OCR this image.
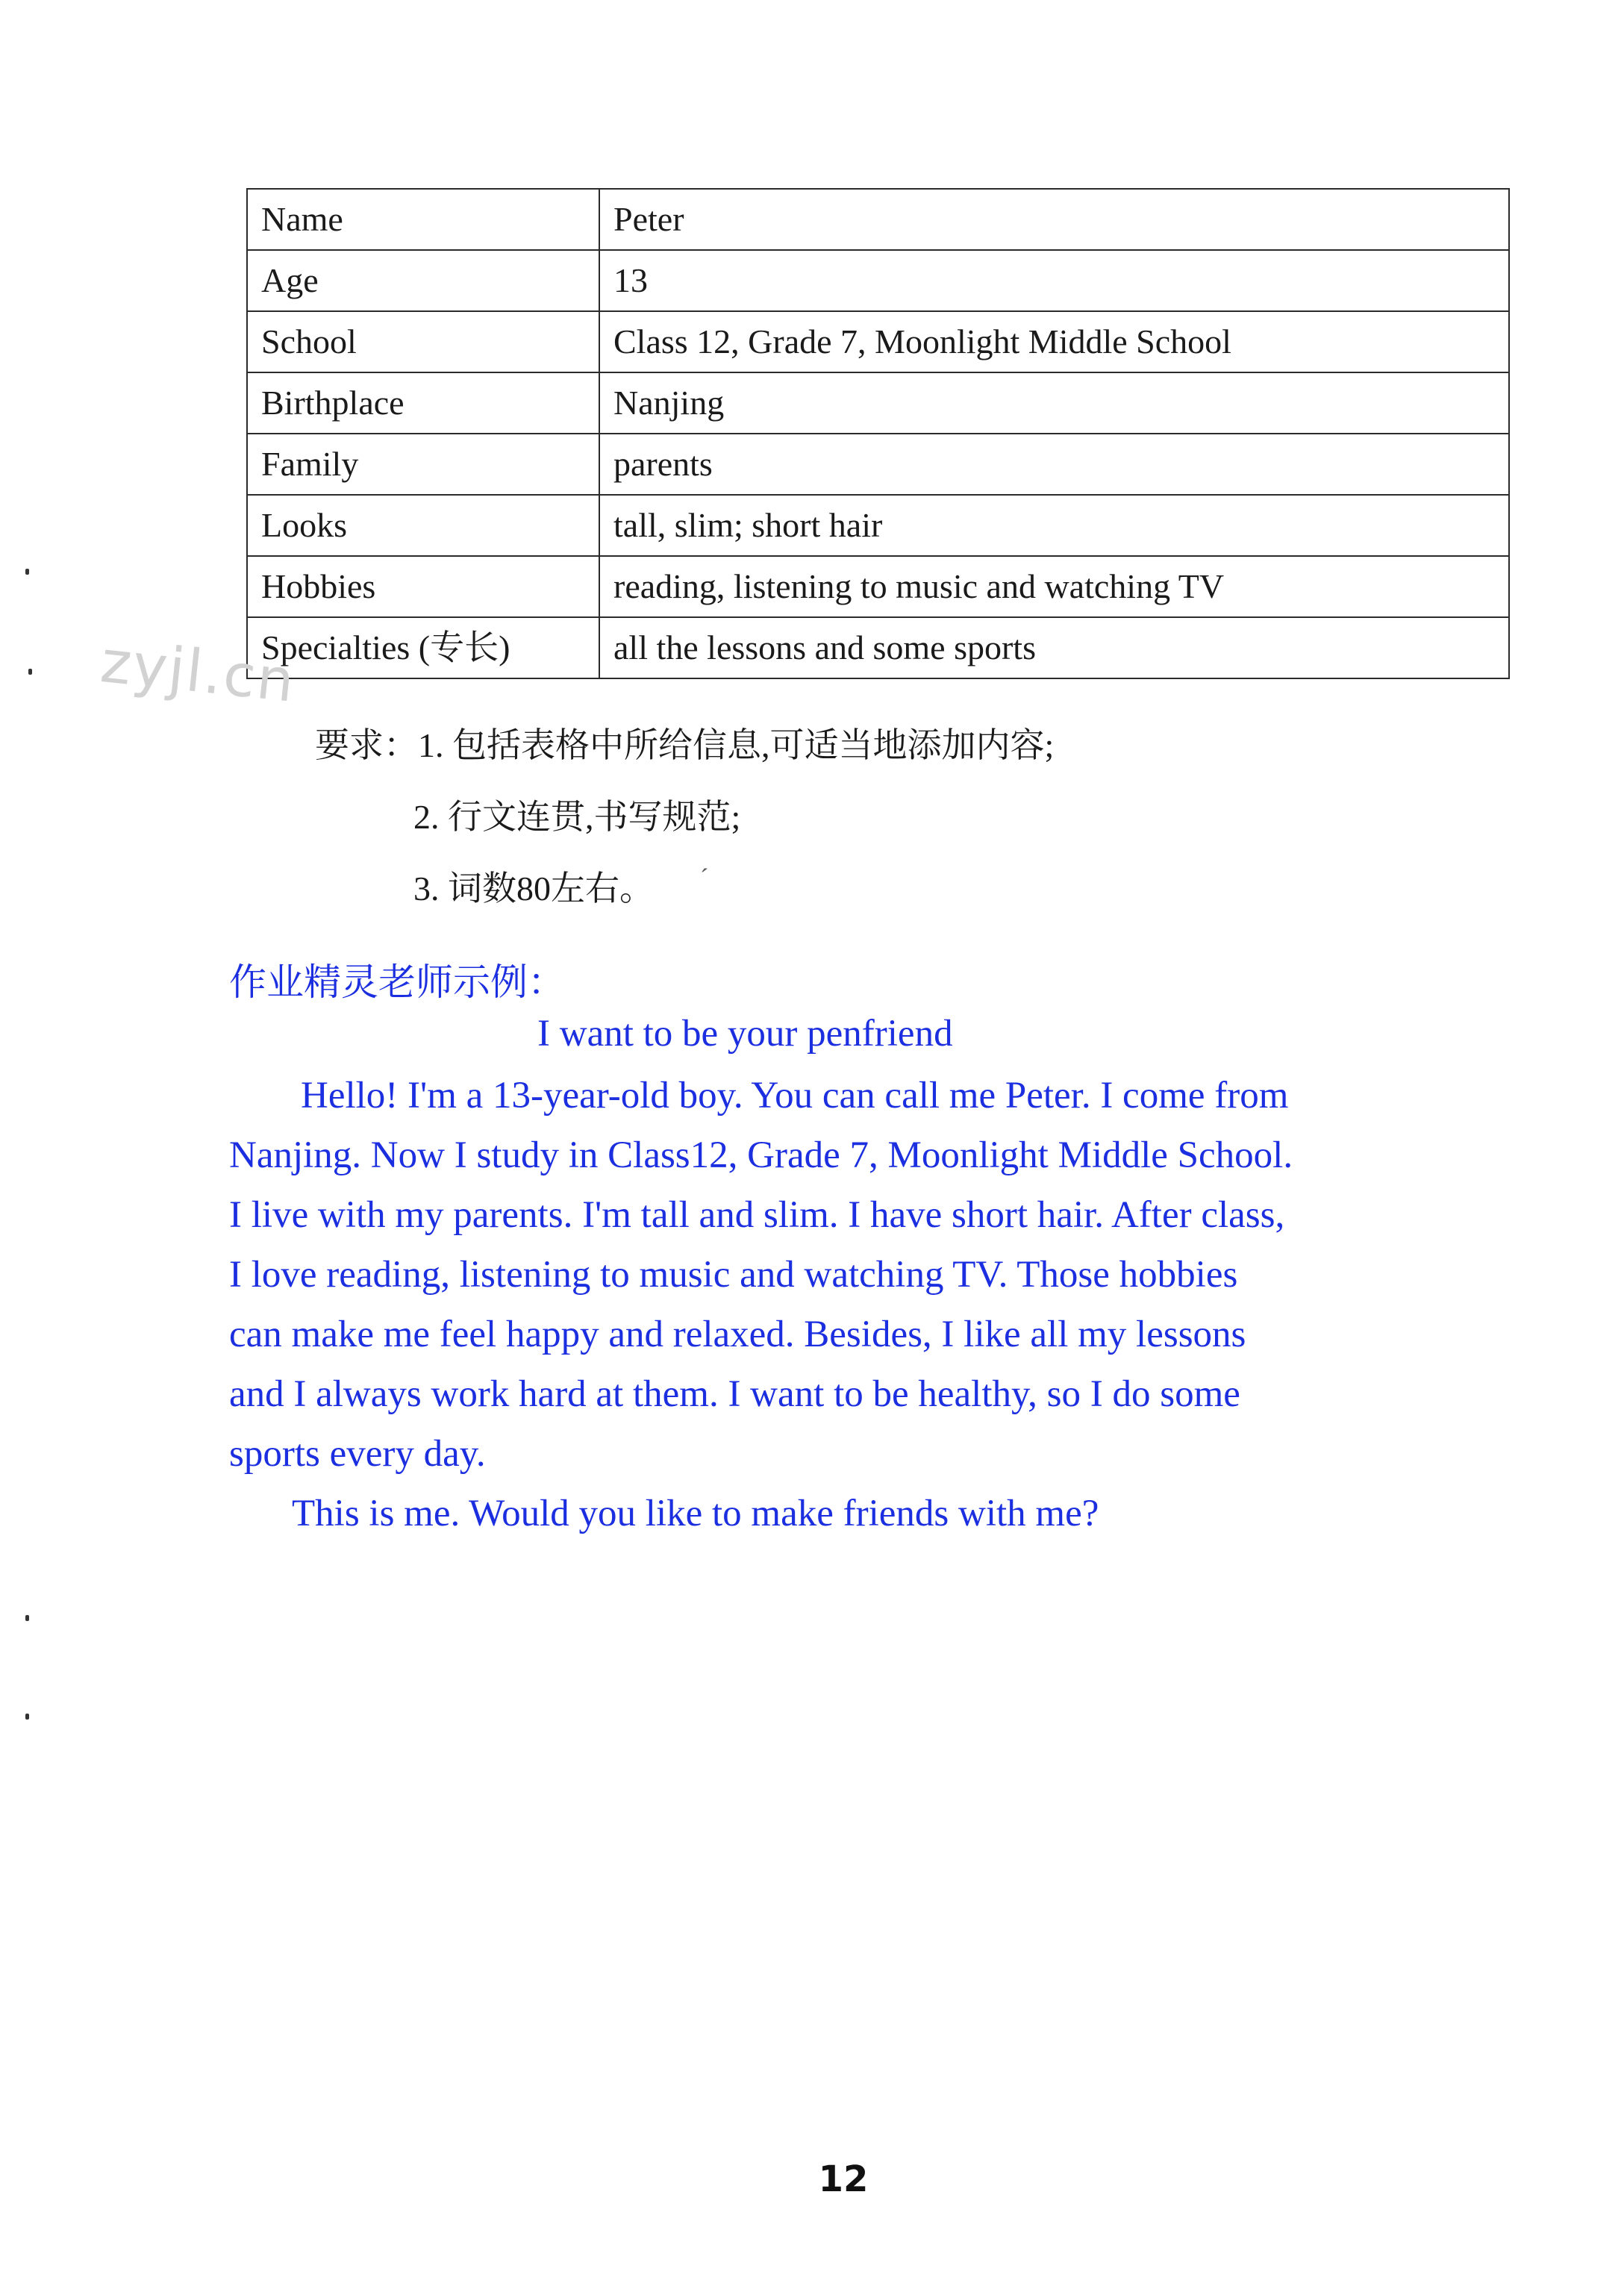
Name	Peter
Age	13
School	Class 12, Grade 7, Moonlight Middle School
Birthplace	Nanjing
Family	parents
Looks	tall, slim; short hair
Hobbies	reading, listening to music and watching TV
Specialties (专长)	all the lessons and some sports
zyjl.cn
要求：1. 包括表格中所给信息,可适当地添加内容;
2. 行文连贯,书写规范;
3. 词数80左右。 ˊ
作业精灵老师示例：
I want to be your penfriend
Hello! I'm a 13-year-old boy. You can call me Peter. I come from
Nanjing. Now I study in Class12, Grade 7, Moonlight Middle School.
I live with my parents. I'm tall and slim. I have short hair. After class,
I love reading, listening to music and watching TV. Those hobbies
can make me feel happy and relaxed. Besides, I like all my lessons
and I always work hard at them. I want to be healthy, so I do some
sports every day.
This is me. Would you like to make friends with me?
12
